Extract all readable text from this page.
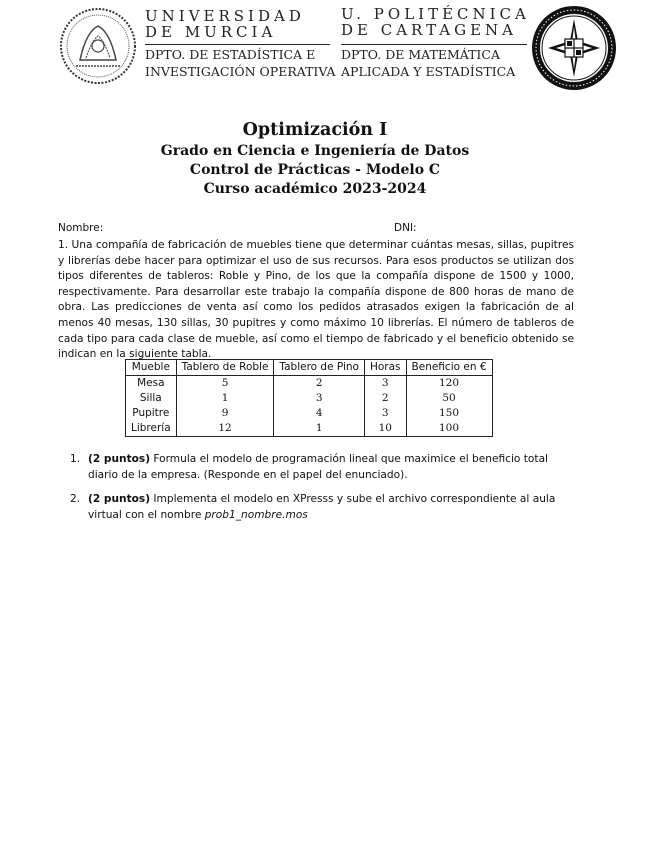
UNIVERSIDAD
DE MURCIA
DPTO. DE ESTADÍSTICA E
INVESTIGACIÓN OPERATIVA
U. POLITÉCNICA
DE CARTAGENA
DPTO. DE MATEMÁTICA
APLICADA Y ESTADÍSTICA
Optimización I
Grado en Ciencia e Ingeniería de Datos
Control de Prácticas - Modelo C
Curso académico 2023-2024
Nombre:	DNI:
1. Una compañía de fabricación de muebles tiene que determinar cuántas mesas, sillas, pupitres y librerías debe hacer para optimizar el uso de sus recursos. Para esos productos se utilizan dos tipos diferentes de tableros: Roble y Pino, de los que la compañía dispone de 1500 y 1000, respectivamente. Para desarrollar este trabajo la compañía dispone de 800 horas de mano de obra. Las predicciones de venta así como los pedidos atrasados exigen la fabricación de al menos 40 mesas, 130 sillas, 30 pupitres y como máximo 10 librerías. El número de tableros de cada tipo para cada clase de mueble, así como el tiempo de fabricado y el beneficio obtenido se indican en la siguiente tabla.
Mueble	Tablero de Roble	Tablero de Pino	Horas	Beneficio en €
Mesa	5	2	3	120
Silla	1	3	2	50
Pupitre	9	4	3	150
Librería	12	1	10	100
1. (2 puntos) Formula el modelo de programación lineal que maximice el beneficio total diario de la empresa. (Responde en el papel del enunciado).
2. (2 puntos) Implementa el modelo en XPresss y sube el archivo correspondiente al aula virtual con el nombre prob1_nombre.mos
